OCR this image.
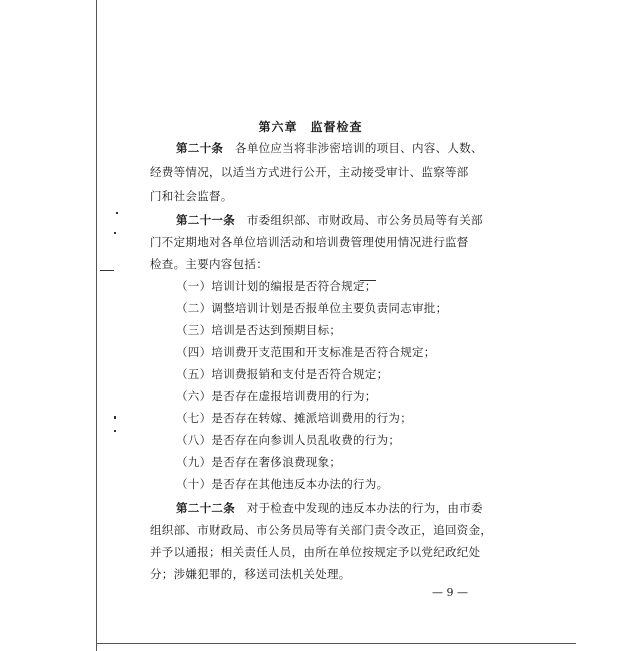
第六章　监督检查
第二十条　 各单位应当将非涉密培训的项目、内容、人数、
经费等情况，以适当方式进行公开，主动接受审计、监察等部
门和社会监督。
第二十一条　 市委组织部、市财政局、市公务员局等有关部
门不定期地对各单位培训活动和培训费管理使用情况进行监督
检查。主要内容包括：
（一）培训计划的编报是否符合规定；
（二）调整培训计划是否报单位主要负责同志审批；
（三）培训是否达到预期目标；
（四）培训费开支范围和开支标准是否符合规定；
（五）培训费报销和支付是否符合规定；
（六）是否存在虚报培训费用的行为；
（七）是否存在转嫁、摊派培训费用的行为；
（八）是否存在向参训人员乱收费的行为；
（九）是否存在奢侈浪费现象；
（十）是否存在其他违反本办法的行为。
第二十二条　 对于检查中发现的违反本办法的行为，由市委
组织部、市财政局、市公务员局等有关部门责令改正，追回资金，
并予以通报；相关责任人员，由所在单位按规定予以党纪政纪处
分；涉嫌犯罪的，移送司法机关处理。
— 9 —
